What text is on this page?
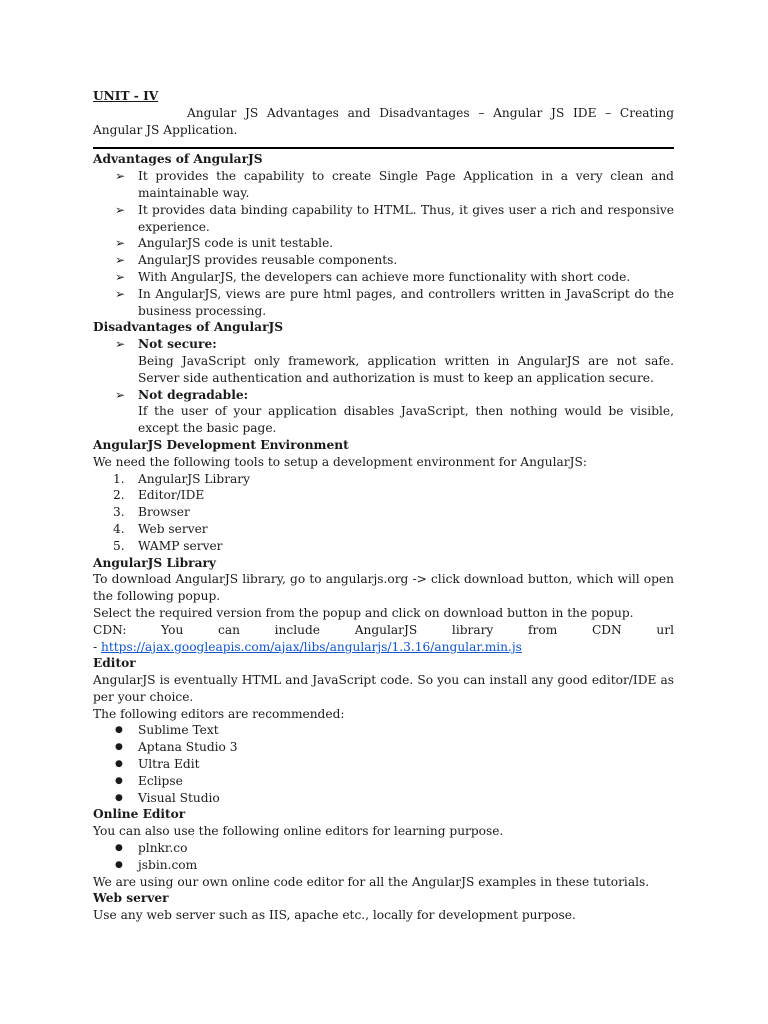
UNIT - IV

Angular JS Advantages and Disadvantages – Angular JS IDE – Creating Angular JS Application.

Advantages of AngularJS

➢ It provides the capability to create Single Page Application in a very clean and maintainable way.
➢ It provides data binding capability to HTML. Thus, it gives user a rich and responsive experience.
➢ AngularJS code is unit testable.
➢ AngularJS provides reusable components.
➢ With AngularJS, the developers can achieve more functionality with short code.
➢ In AngularJS, views are pure html pages, and controllers written in JavaScript do the business processing.

Disadvantages of AngularJS

➢ Not secure:
Being JavaScript only framework, application written in AngularJS are not safe. Server side authentication and authorization is must to keep an application secure.
➢ Not degradable:
If the user of your application disables JavaScript, then nothing would be visible, except the basic page.

AngularJS Development Environment

We need the following tools to setup a development environment for AngularJS:

1. AngularJS Library
2. Editor/IDE
3. Browser
4. Web server
5. WAMP server

AngularJS Library

To download AngularJS library, go to angularjs.org -> click download button, which will open the following popup.

Select the required version from the popup and click on download button in the popup.

CDN: You can include AngularJS library from CDN url

- https://ajax.googleapis.com/ajax/libs/angularjs/1.3.16/angular.min.js

Editor

AngularJS is eventually HTML and JavaScript code. So you can install any good editor/IDE as per your choice.

The following editors are recommended:

● Sublime Text
● Aptana Studio 3
● Ultra Edit
● Eclipse
● Visual Studio

Online Editor

You can also use the following online editors for learning purpose.

● plnkr.co
● jsbin.com

We are using our own online code editor for all the AngularJS examples in these tutorials.

Web server

Use any web server such as IIS, apache etc., locally for development purpose.
